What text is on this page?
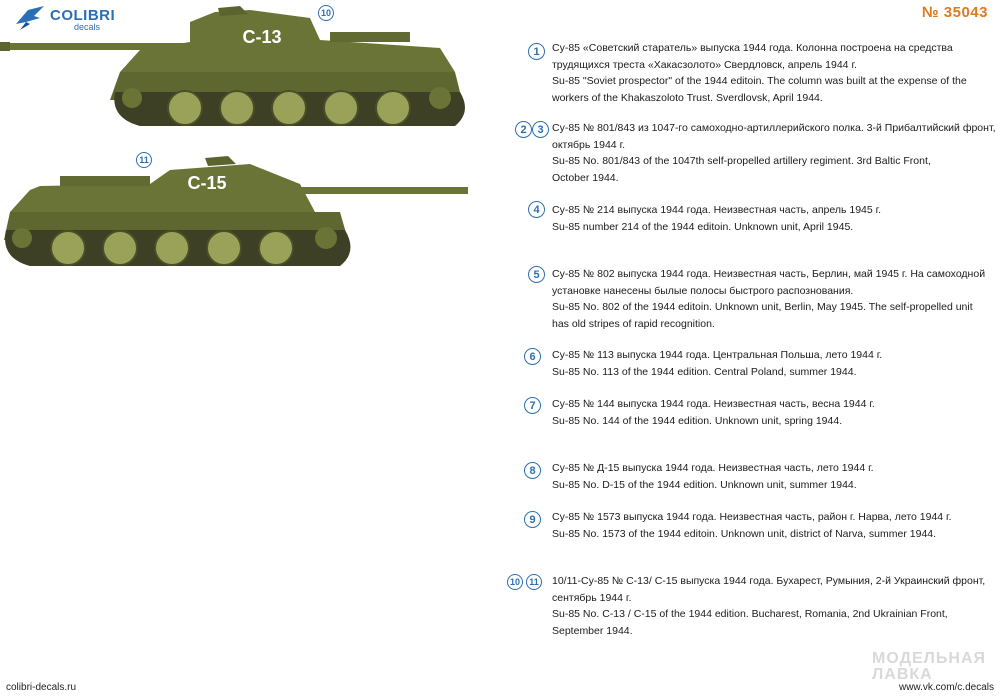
COLIBRI
decals
№ 35043
С-13
10
С-15
11
1	Су-85 «Советский старатель» выпуска 1944 года. Колонна построена на средства

трудящихся треста «Хакасзолото» Свердловск, апрель 1944 г.

Su-85 "Soviet prospector" of the 1944 editoin. The column was built at the expense of the

workers of the Khakaszoloto Trust. Sverdlovsk, April 1944.

2 3 Су-85 № 801/843 из 1047-го самоходно-артиллерийского полка. 3-й Прибалтийский фронт,

октябрь 1944 г.

Su-85 No. 801/843 of the 1047th self-propelled artillery regiment. 3rd Baltic Front,

October 1944.

4	Су-85 № 214 выпуска 1944 года. Неизвестная часть, апрель 1945 г.

Su-85 number 214 of the 1944 editoin. Unknown unit, April 1945.

5	Су-85 № 802 выпуска 1944 года. Неизвестная часть, Берлин, май 1945 г. На самоходной

установке нанесены былые полосы быстрого распознования.

Su-85 No. 802 of the 1944 editoin. Unknown unit, Berlin, May 1945. The self-propelled unit

has old stripes of rapid recognition.

6	Су-85 № 113 выпуска 1944 года. Центральная Польша, лето 1944 г.

Su-85 No. 113 of the 1944 edition. Central Poland, summer 1944.

7	Су-85 № 144 выпуска 1944 года. Неизвестная часть, весна 1944 г.

Su-85 No. 144 of the 1944 edition. Unknown unit, spring 1944.

8	Су-85 № Д-15 выпуска 1944 года. Неизвестная часть, лето 1944 г.

Su-85 No. D-15 of the 1944 edition. Unknown unit, summer 1944.

9	Су-85 № 1573 выпуска 1944 года. Неизвестная часть, район г. Нарва, лето 1944 г.

Su-85 No. 1573 of the 1944 editoin. Unknown unit, district of Narva, summer 1944.

10	11	10/11-Су-85 № С-13/ С-15 выпуска 1944 года. Бухарест, Румыния, 2-й Украинский фронт,

сентябрь 1944 г.

Su-85 No. C-13 / C-15 of the 1944 edition. Bucharest, Romania, 2nd Ukrainian Front,

September 1944.

МОДЕЛЬНАЯ
ЛАВКА
colibri-decals.ru	www.vk.com/c.decals
